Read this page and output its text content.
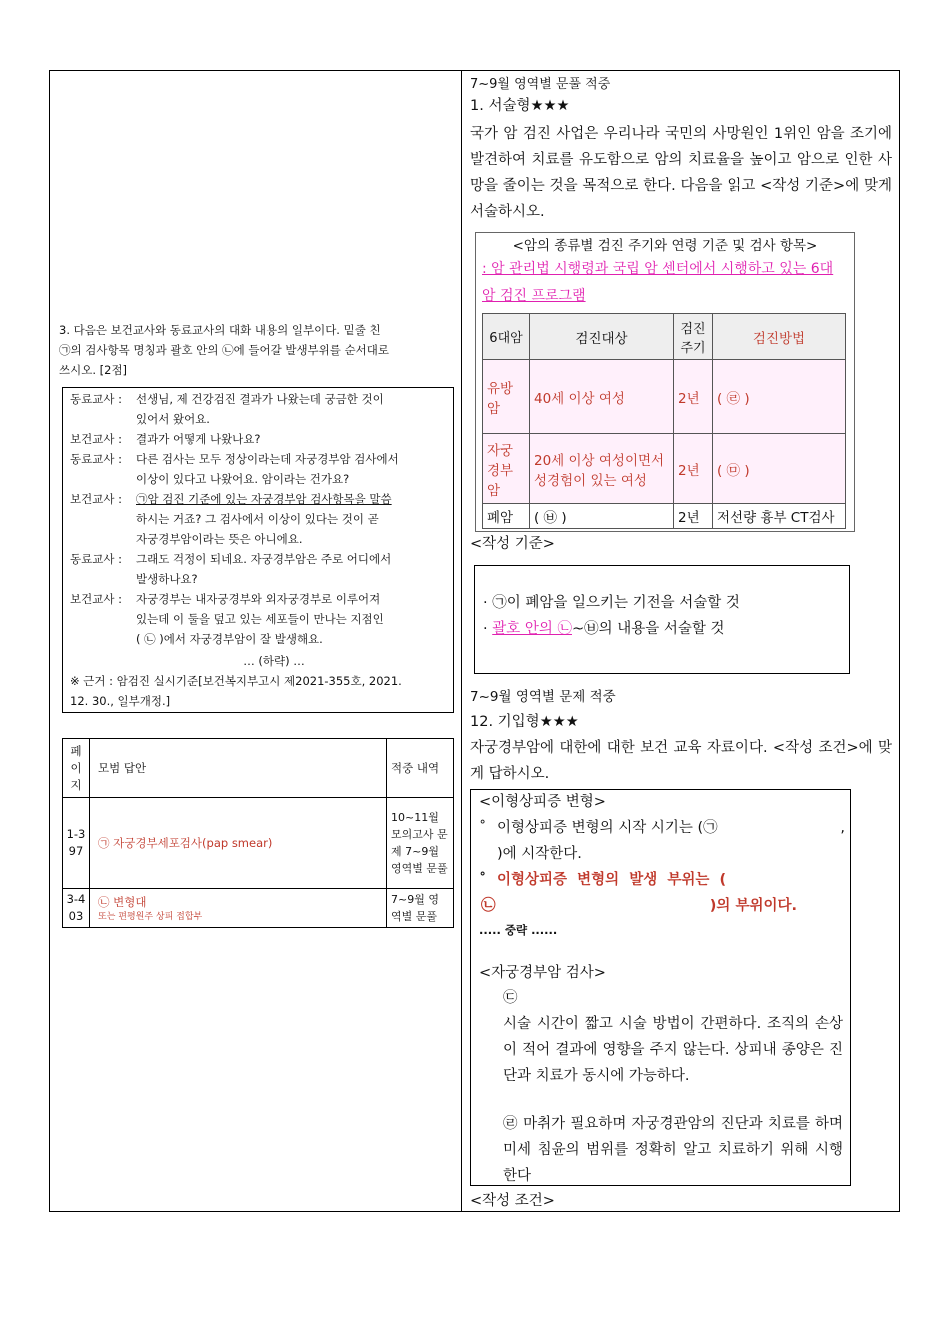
3. 다음은 보건교사와 동료교사의 대화 내용의 일부이다. 밑줄 친
㉠의 검사항목 명칭과 괄호 안의 ㉡에 들어갈 발생부위를 순서대로
쓰시오. [2점]
동료교사 :	선생님, 제 건강검진 결과가 나왔는데 궁금한 것이
있어서 왔어요.
보건교사 :	결과가 어떻게 나왔나요?
동료교사 :	다른 검사는 모두 정상이라는데 자궁경부암 검사에서
이상이 있다고 나왔어요. 암이라는 건가요?
보건교사 :	㉠암 검진 기준에 있는 자궁경부암 검사항목을 말씀
하시는 거죠? 그 검사에서 이상이 있다는 것이 곧
자궁경부암이라는 뜻은 아니에요.
동료교사 :	그래도 걱정이 되네요. 자궁경부암은 주로 어디에서
발생하나요?
보건교사 :	자궁경부는 내자궁경부와 외자궁경부로 이루어져
있는데 이 둘을 덮고 있는 세포들이 만나는 지점인
( ㉡ )에서 자궁경부암이 잘 발생해요.
… (하략) …
※ 근거 : 암검진 실시기준[보건복지부고시 제2021-355호, 2021.
12. 30., 일부개정.]
페이지	모범 답안	적중 내역
1-397	㉠ 자궁경부세포검사(pap smear)	10~11월 모의고사 문제 7~9월 영역별 문풀
3-403	㉡ 변형대
또는 편평원주 상피 접합부	7~9월 영역별 문풀
7~9월 영역별 문풀 적중
1. 서술형★★★
국가 암 검진 사업은 우리나라 국민의 사망원인 1위인 암을 조기에 발견하여 치료를 유도함으로 암의 치료율을 높이고 암으로 인한 사망을 줄이는 것을 목적으로 한다. 다음을 읽고 <작성 기준>에 맞게 서술하시오.
<암의 종류별 검진 주기와 연령 기준 및 검사 항목>
: 암 관리법 시행령과 국립 암 센터에서 시행하고 있는 6대 암 검진 프로그램
6대암	검진대상	검진주기	검진방법
유방암	40세 이상 여성	2년	( ㉣ )
자궁경부암	20세 이상 여성이면서 성경험이 있는 여성	2년	( ㉤ )
폐암	( ㉥ )	2년	저선량 흉부 CT검사
<작성 기준>
· ㉠이 폐암을 일으키는 기전을 서술할 것
· 괄호 안의 ㉡~㉥의 내용을 서술할 것
7~9월 영역별 문제 적중
12. 기입형★★★
자궁경부암에 대한에 대한 보건 교육 자료이다. <작성 조건>에 맞게 답하시오.
<이형상피증 변형>
˚ 이형상피증 변형의 시작 시기는 (㉠	,
)에 시작한다.
˚ 이형상피증  변형의  발생  부위는  (
㉡	)의 부위이다.
..... 중략 ......
<자궁경부암 검사>
㉢
시술 시간이 짧고 시술 방법이 간편하다. 조직의 손상이 적어 결과에 영향을 주지 않는다. 상피내 종양은 진단과 치료가 동시에 가능하다.
㉣ 마취가 필요하며 자궁경관암의 진단과 치료를 하며 미세 침윤의 범위를 정확히 알고 치료하기 위해 시행한다
<작성 조건>
